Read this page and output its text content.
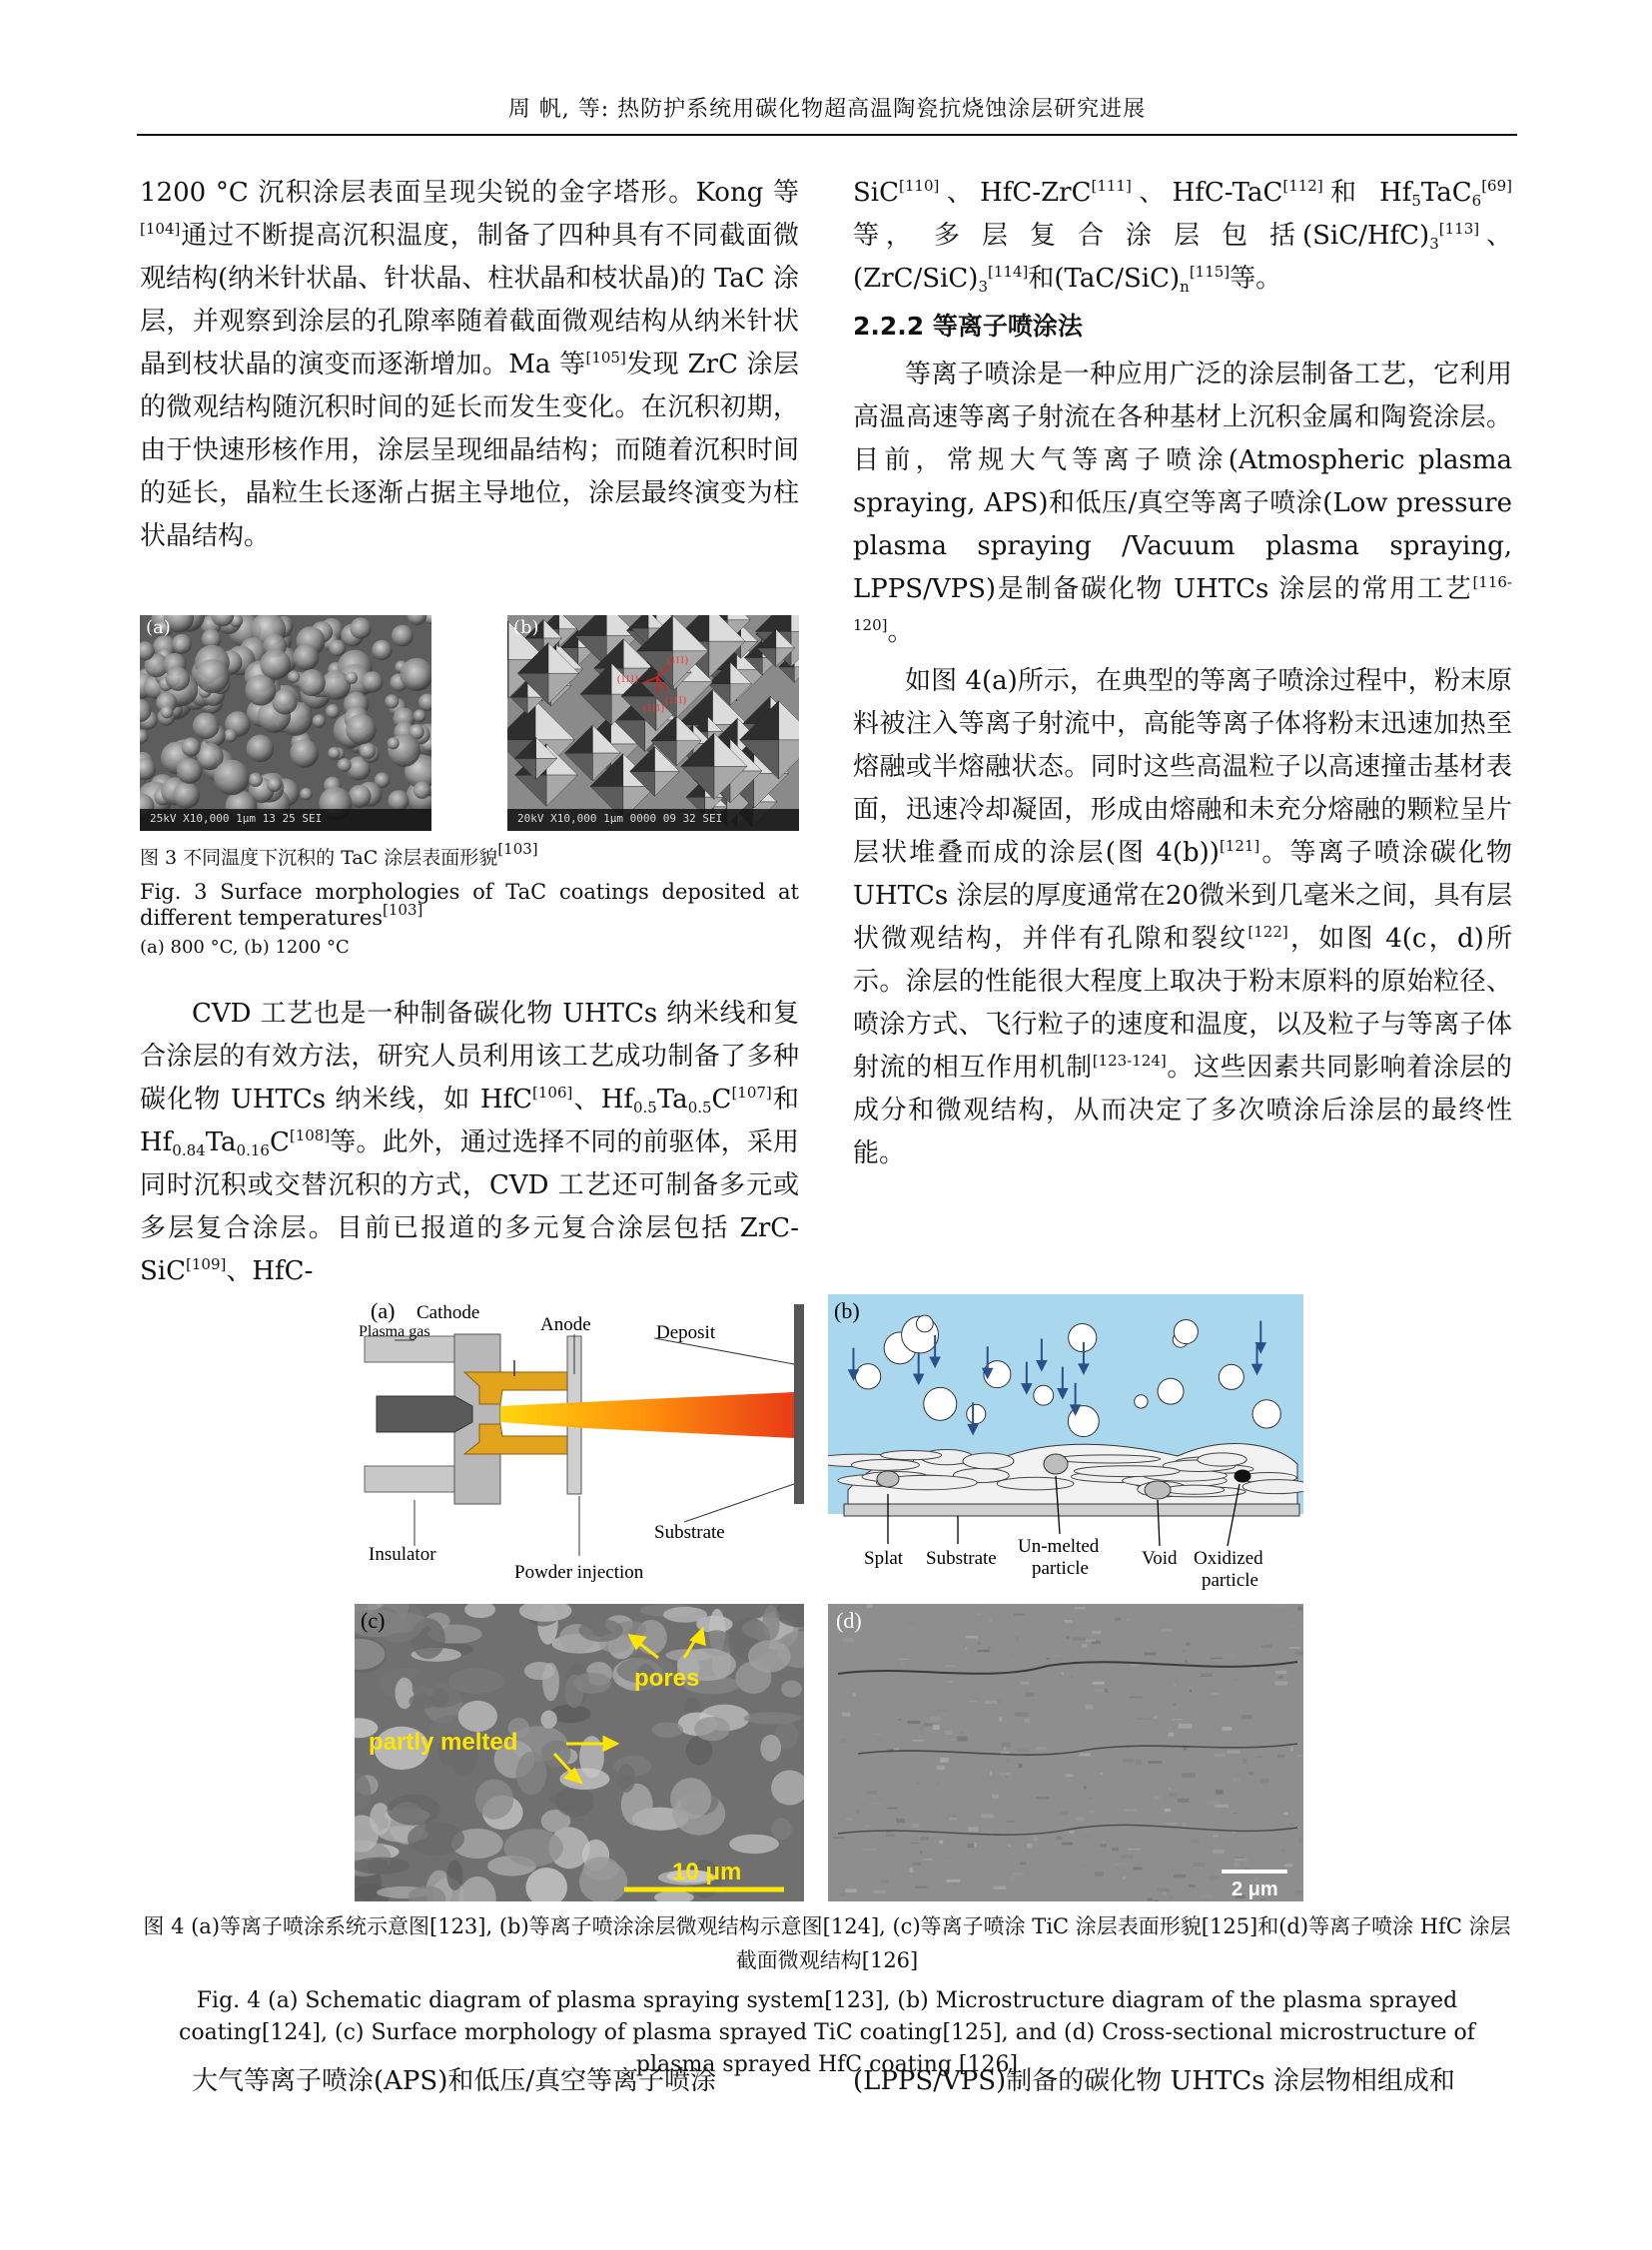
周 帆, 等: 热防护系统用碳化物超高温陶瓷抗烧蚀涂层研究进展

1200 °C 沉积涂层表面呈现尖锐的金字塔形。Kong 等[104]通过不断提高沉积温度，制备了四种具有不同截面微观结构(纳米针状晶、针状晶、柱状晶和枝状晶)的 TaC 涂层，并观察到涂层的孔隙率随着截面微观结构从纳米针状晶到枝状晶的演变而逐渐增加。Ma 等[105]发现 ZrC 涂层的微观结构随沉积时间的延长而发生变化。在沉积初期，由于快速形核作用，涂层呈现细晶结构；而随着沉积时间的延长，晶粒生长逐渐占据主导地位，涂层最终演变为柱状晶结构。

(a)
25kV X10,000 1μm 13 25 SEI
(111)
(111)
(111)
(111)
(b)
20kV X10,000 1μm 0000 09 32 SEI
图 3 不同温度下沉积的 TaC 涂层表面形貌[103]
Fig. 3 Surface morphologies of TaC coatings deposited at different temperatures[103]
(a) 800 °C, (b) 1200 °C

CVD 工艺也是一种制备碳化物 UHTCs 纳米线和复合涂层的有效方法，研究人员利用该工艺成功制备了多种碳化物 UHTCs 纳米线，如 HfC[106]、$Hf_{0.5}Ta_{0.5}C[107]$和 $Hf_{0.84}Ta_{0.16}C[108]$等。此外，通过选择不同的前驱体，采用同时沉积或交替沉积的方式，CVD 工艺还可制备多元或多层复合涂层。目前已报道的多元复合涂层包括 ZrC-SiC[109]、HfC-

SiC[110]、HfC-ZrC[111]、HfC-TaC[112]和 $Hf_5TaC_6[69]$等， 多 层 复 合 涂 层 包 括$(SiC/HfC)_3[113]$、$(ZrC/SiC)_3[114]$和$(TaC/SiC)_n[115]$等。

2.2.2 等离子喷涂法

等离子喷涂是一种应用广泛的涂层制备工艺，它利用高温高速等离子射流在各种基材上沉积金属和陶瓷涂层。目前，常规大气等离子喷涂(Atmospheric plasma spraying, APS)和低压/真空等离子喷涂(Low pressure plasma spraying /Vacuum plasma spraying, LPPS/VPS)是制备碳化物 UHTCs 涂层的常用工艺[116-120]。

如图 4(a)所示，在典型的等离子喷涂过程中，粉末原料被注入等离子射流中，高能等离子体将粉末迅速加热至熔融或半熔融状态。同时这些高温粒子以高速撞击基材表面，迅速冷却凝固，形成由熔融和未充分熔融的颗粒呈片层状堆叠而成的涂层(图 4(b))[121]。等离子喷涂碳化物 UHTCs 涂层的厚度通常在20微米到几毫米之间，具有层状微观结构，并伴有孔隙和裂纹[122]，如图 4(c，d)所示。涂层的性能很大程度上取决于粉末原料的原始粒径、喷涂方式、飞行粒子的速度和温度，以及粒子与等离子体射流的相互作用机制[123-124]。这些因素共同影响着涂层的成分和微观结构，从而决定了多次喷涂后涂层的最终性能。

(a) Cathode
Plasma gas	Anode	Deposit
Substrate
Insulator
Powder injection
(b)
Splat Substrate
Un-melted
particle	Void Oxidized
particle
(c)
pores
partly melted
10 μm
(d)
2 μm
图 4 (a)等离子喷涂系统示意图[123], (b)等离子喷涂涂层微观结构示意图[124], (c)等离子喷涂 TiC 涂层表面形貌[125]和(d)等离子喷涂 HfC 涂层截面微观结构[126]
Fig. 4 (a) Schematic diagram of plasma spraying system[123], (b) Microstructure diagram of the plasma sprayed coating[124], (c) Surface morphology of plasma sprayed TiC coating[125], and (d) Cross-sectional microstructure of plasma sprayed HfC coating [126]
大气等离子喷涂(APS)和低压/真空等离子喷涂	(LPPS/VPS)制备的碳化物 UHTCs 涂层物相组成和
